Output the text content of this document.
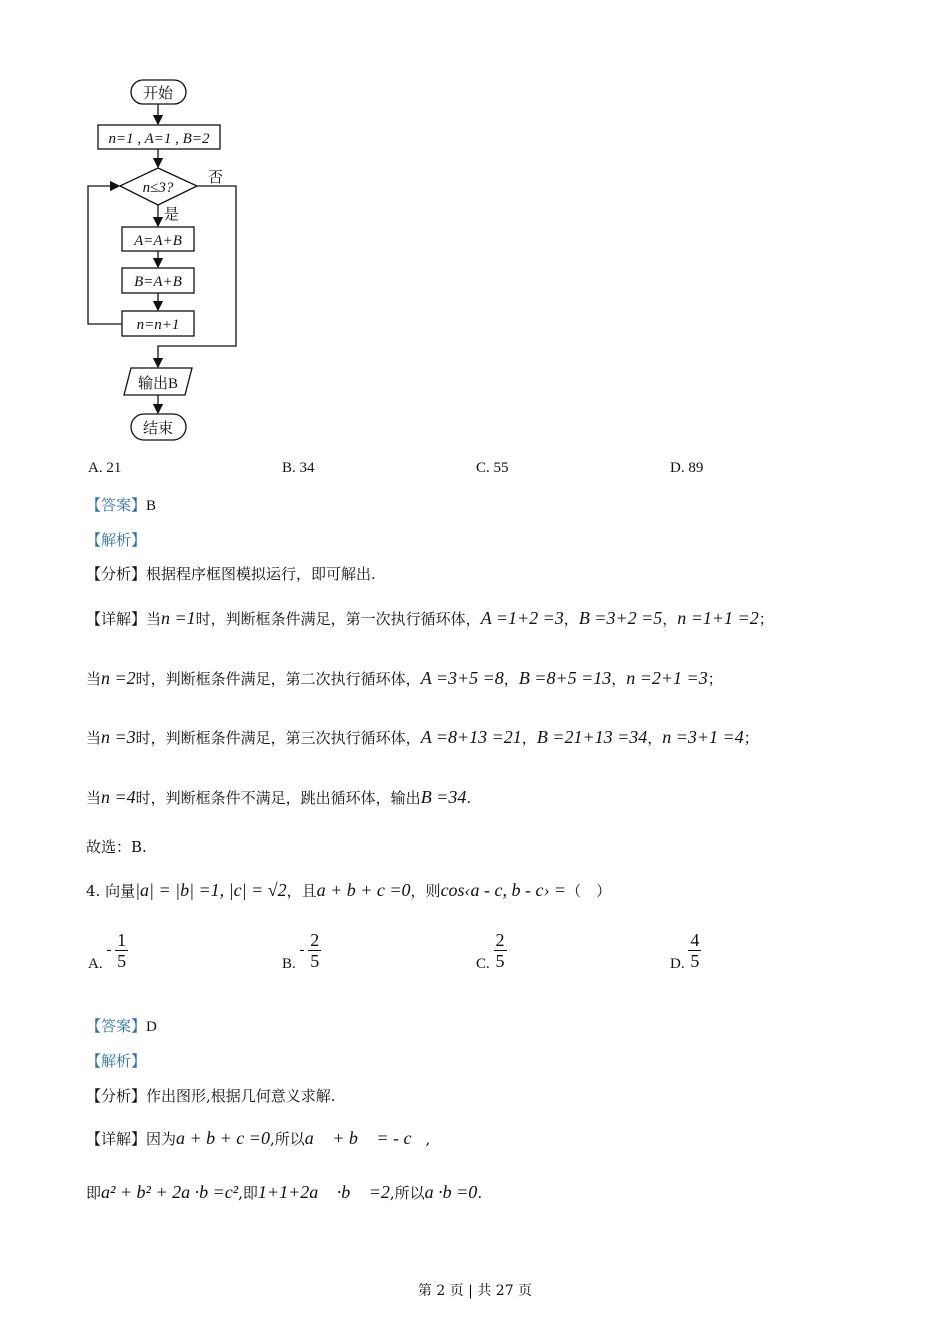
开始
n=1 , A=1 , B=2
n≤3?
否
是
A=A+B
B=A+B
n=n+1
输出B
结束
A. 21	B. 34	C. 55	D. 89
【答案】B
【解析】
【分析】根据程序框图模拟运行，即可解出.
【详解】当n =1时，判断框条件满足，第一次执行循环体，A =1+2 =3，B =3+2 =5，n =1+1 =2；
当n =2时，判断框条件满足，第二次执行循环体，A =3+5 =8，B =8+5 =13，n =2+1 =3；
当n =3时，判断框条件满足，第三次执行循环体，A =8+13 =21，B =21+13 =34，n =3+1 =4；
当n =4时，判断框条件不满足，跳出循环体，输出B =34.
故选：B.
4. 向量|a| = |b| =1, |c| = √2，且a + b + c =0，则cos‹a - c, b - c› =（　）
A. - $\frac{1}{5}$	B. - $\frac{2}{5}$	C. $\frac{2}{5}$	D. $\frac{4}{5}$
【答案】D
【解析】
【分析】作出图形,根据几何意义求解.
【详解】因为a + b + c =0,所以a⃗ + b⃗ = - c⃗,
即a² + b² + 2a ·b =c²,即1+1+2a⃗ ·b⃗ =2,所以a ·b =0.
第 2 页 | 共 27 页
